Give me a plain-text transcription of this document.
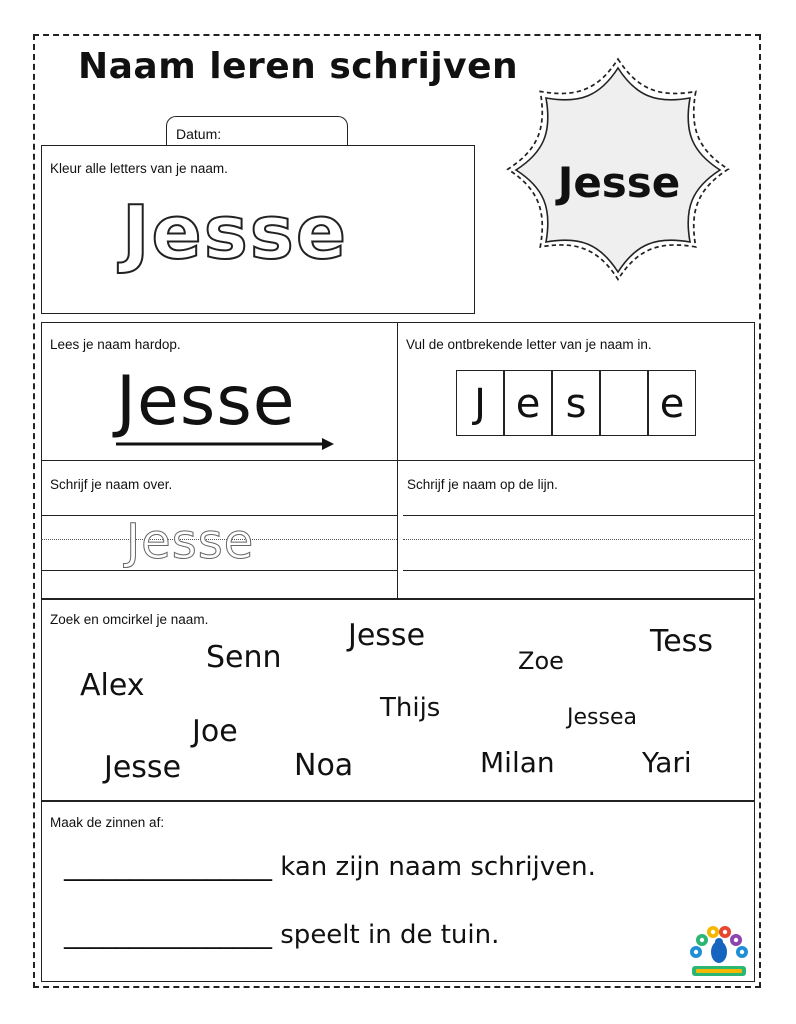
Naam leren schrijven
Datum:
Kleur alle letters van je naam.
Jesse
Jesse
Lees je naam hardop.
Jesse
Vul de ontbrekende letter van je naam in.
J e s	e
Schrijf je naam over.
Jesse
Schrijf je naam op de lijn.
Zoek en omcirkel je naam.	Jesse	Tess
Senn	Zoe
Alex
Thijs	Jessea
Joe
Jesse	Noa	Milan	Yari
Maak de zinnen af:
________________ kan zijn naam schrijven.
________________ speelt in de tuin.
